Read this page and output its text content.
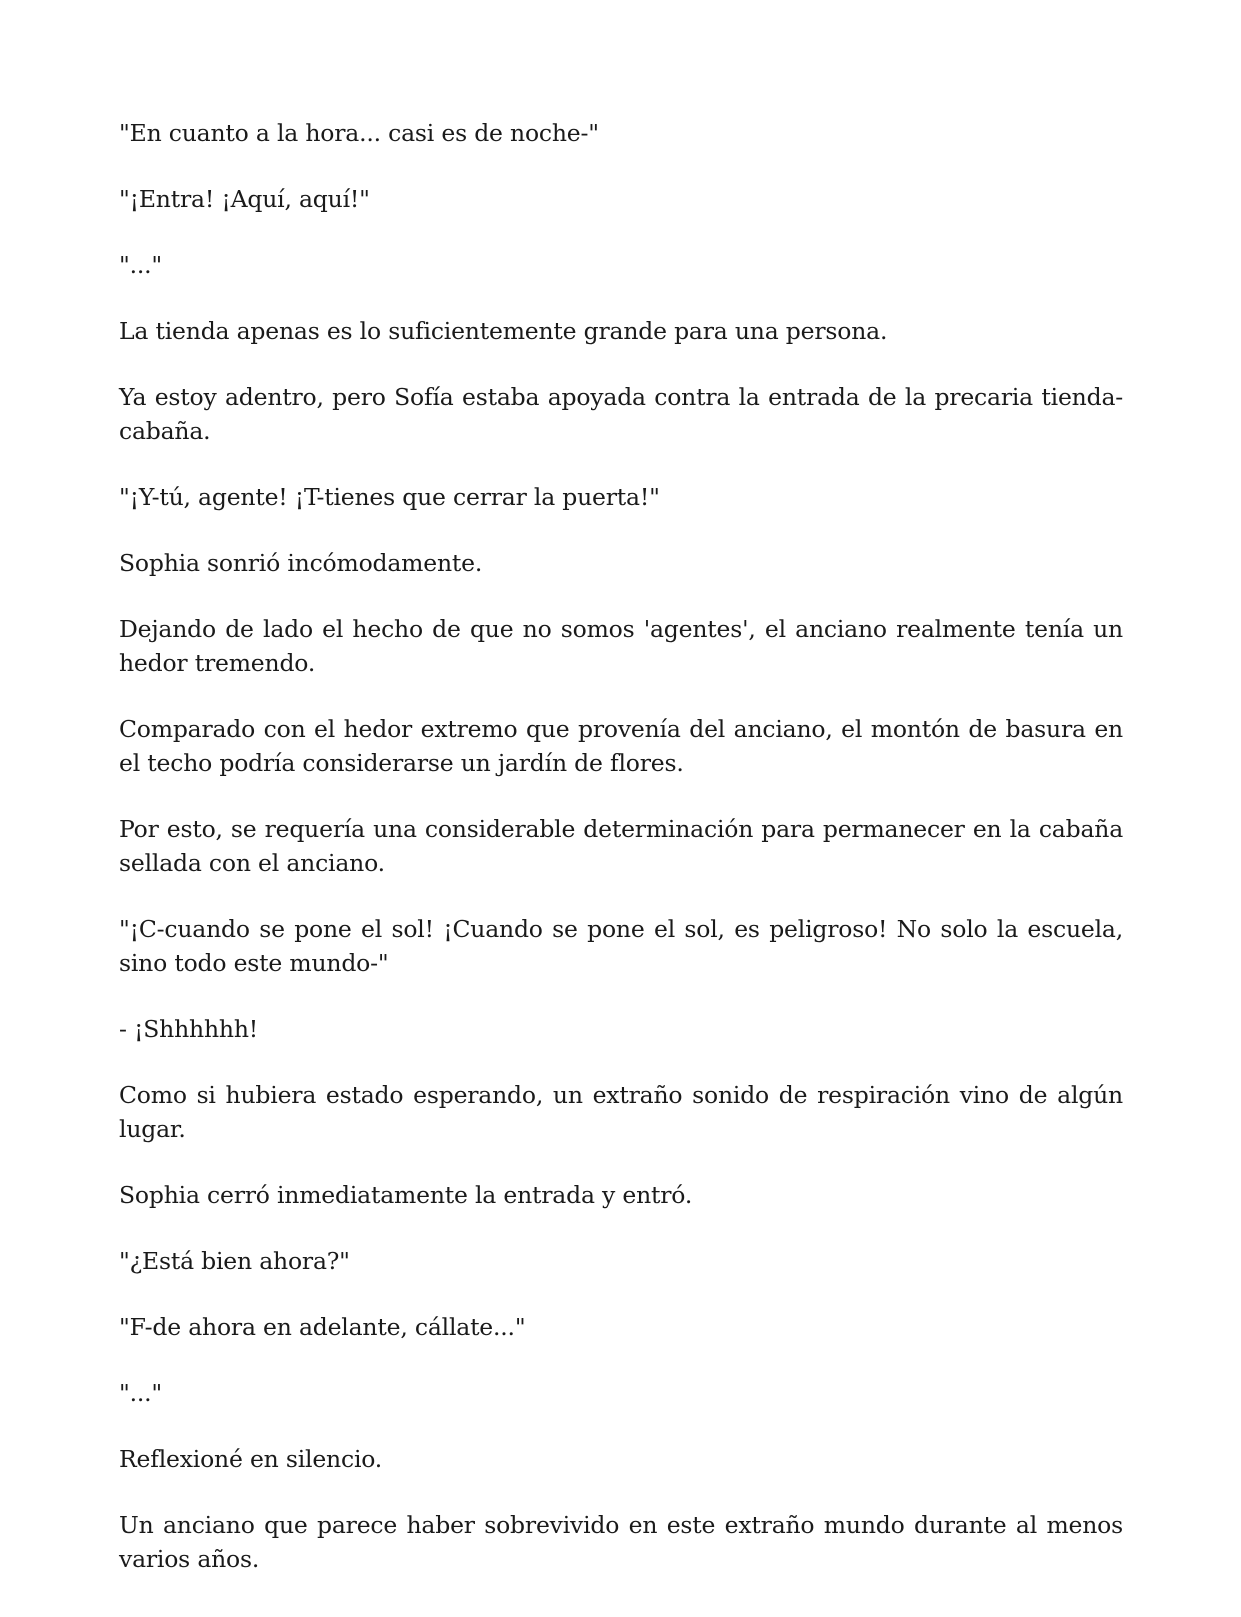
"En cuanto a la hora... casi es de noche-"

"¡Entra! ¡Aquí, aquí!"

"..."

La tienda apenas es lo suficientemente grande para una persona.

Ya estoy adentro, pero Sofía estaba apoyada contra la entrada de la precaria tienda-cabaña.

"¡Y-tú, agente! ¡T-tienes que cerrar la puerta!"

Sophia sonrió incómodamente.

Dejando de lado el hecho de que no somos 'agentes', el anciano realmente tenía un hedor tremendo.

Comparado con el hedor extremo que provenía del anciano, el montón de basura en el techo podría considerarse un jardín de flores.

Por esto, se requería una considerable determinación para permanecer en la cabaña sellada con el anciano.

"¡C-cuando se pone el sol! ¡Cuando se pone el sol, es peligroso! No solo la escuela, sino todo este mundo-"

- ¡Shhhhhh!

Como si hubiera estado esperando, un extraño sonido de respiración vino de algún lugar.

Sophia cerró inmediatamente la entrada y entró.

"¿Está bien ahora?"

"F-de ahora en adelante, cállate..."

"..."

Reflexioné en silencio.

Un anciano que parece haber sobrevivido en este extraño mundo durante al menos varios años.
